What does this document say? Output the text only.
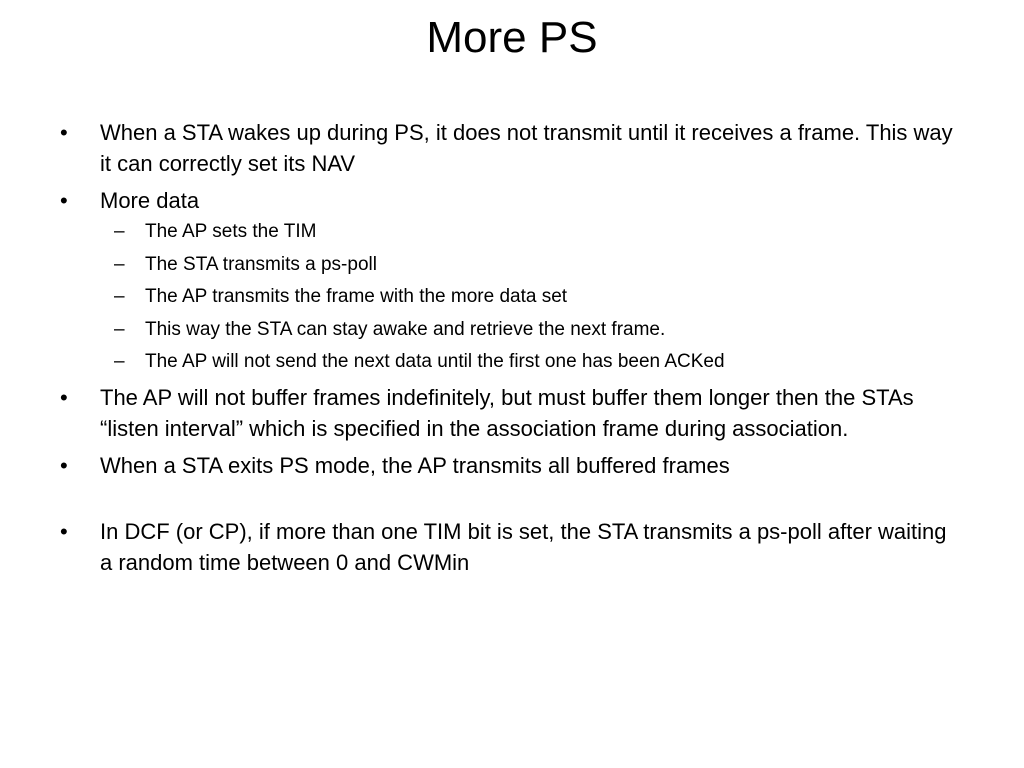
More PS
• When a STA wakes up during PS, it does not transmit until it receives a frame. This way it can correctly set its NAV
• More data
– The AP sets the TIM
– The STA transmits a ps-poll
– The AP transmits the frame with the more data set
– This way the STA can stay awake and retrieve the next frame.
– The AP will not send the next data until the first one has been ACKed
• The AP will not buffer frames indefinitely, but must buffer them longer then the STAs “listen interval” which is specified in the association frame during association.
• When a STA exits PS mode, the AP transmits all buffered frames
• In DCF (or CP), if more than one TIM bit is set, the STA transmits a ps-poll after waiting a random time between 0 and CWMin
